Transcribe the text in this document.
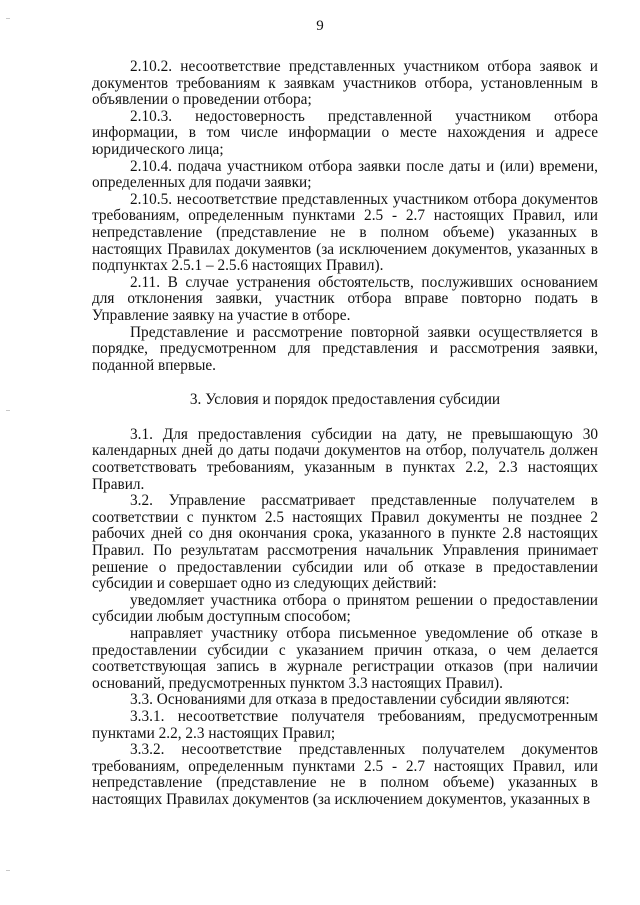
9

2.10.2. несоответствие представленных участником отбора заявок и документов требованиям к заявкам участников отбора, установленным в объявлении о проведении отбора;

2.10.3. недостоверность представленной участником отбора информации, в том числе информации о месте нахождения и адресе юридического лица;

2.10.4. подача участником отбора заявки после даты и (или) времени, определенных для подачи заявки;

2.10.5. несоответствие представленных участником отбора документов требованиям, определенным пунктами 2.5 - 2.7 настоящих Правил, или непредставление (представление не в полном объеме) указанных в настоящих Правилах документов (за исключением документов, указанных в подпунктах 2.5.1 – 2.5.6 настоящих Правил).

2.11. В случае устранения обстоятельств, послуживших основанием для отклонения заявки, участник отбора вправе повторно подать в Управление заявку на участие в отборе.

Представление и рассмотрение повторной заявки осуществляется в порядке, предусмотренном для представления и рассмотрения заявки, поданной впервые.

3. Условия и порядок предоставления субсидии

3.1. Для предоставления субсидии на дату, не превышающую 30 календарных дней до даты подачи документов на отбор, получатель должен соответствовать требованиям, указанным в пунктах 2.2, 2.3 настоящих Правил.

3.2. Управление рассматривает представленные получателем в соответствии с пунктом 2.5 настоящих Правил документы не позднее 2 рабочих дней со дня окончания срока, указанного в пункте 2.8 настоящих Правил. По результатам рассмотрения начальник Управления принимает решение о предоставлении субсидии или об отказе в предоставлении субсидии и совершает одно из следующих действий:

уведомляет участника отбора о принятом решении о предоставлении субсидии любым доступным способом;

направляет участнику отбора письменное уведомление об отказе в предоставлении субсидии с указанием причин отказа, о чем делается соответствующая запись в журнале регистрации отказов (при наличии оснований, предусмотренных пунктом 3.3 настоящих Правил).

3.3. Основаниями для отказа в предоставлении субсидии являются:

3.3.1. несоответствие получателя требованиям, предусмотренным пунктами 2.2, 2.3 настоящих Правил;

3.3.2. несоответствие представленных получателем документов требованиям, определенным пунктами 2.5 - 2.7 настоящих Правил, или непредставление (представление не в полном объеме) указанных в настоящих Правилах документов (за исключением документов, указанных в
